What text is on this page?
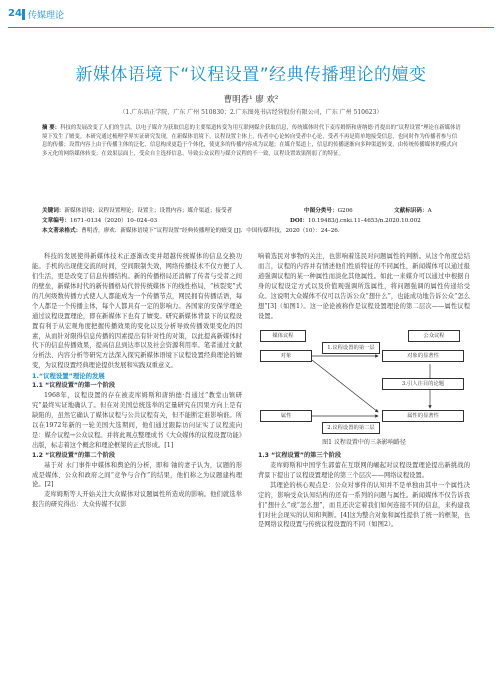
24 传媒理论
新媒体语境下“议程设置”经典传播理论的嬗变
曹明香¹ 廖 欢²
（1.广东培正学院，广东 广州 510830；2.广东图苑书店经营股份有限公司，广东 广州 510623）
摘 要：科技的发展改变了人们的生活，以电子媒介为获取信息的主要渠道转变为用互联网媒介获取信息，传统媒体时代下麦库姆斯和唐纳德·肖提出的“议程设置”理论在新媒体语境下发生了嬗变。本研究通过梳理学界实证研究发现，在新媒体语境下，议程设置主体上，传者中心论转向受者中心论，受者不再是简单地接受信息，也同时作为传播者参与信息的传播；设置内容上由于传播主体的泛化，信息构成更趋于个体化，使更多的传播内容成为议题；在媒介渠道上，信息的传播逐渐向多种渠道转变，由传统传播媒体的模式向多元化的网络媒体转变；在效果层面上，受众自主选择信息，导致公众议程与媒介议程的不一致，议程设置效果削弱了的特征。
关键词：新媒体语境；议程设置理论；设置主；设置内容；媒介渠道；接受者	中图分类号：G206	文献标识码：A
文章编号：1671–0134（2020）10–024–03	DOI：10.19483/j.cnki.11–4653/n.2020.10.002
本文著录格式：曹明香，廖欢．新媒体语境下“议程设置”经典传播理论的嬗变 [J]．中国传媒科技，2020（10）：24–26.

科技的发展使得新媒体技术正逐渐改变并超越传统媒体的信息交换功能。手机的出现使交流的时间，空间限制失效，网络传播技术不仅方便了人们生活，更是改变了信息传播结构。新的传播格局还消解了传者与受者之间的壁垒，新媒体时代的新传播格局代替传统媒体下的线性格局，“核裂变”式的几何级数传播方式使人人都能成为一个传播节点，网民拥有传播话语，每个人都是一个传播主体，每个人都具有一定的影响力。各国家的安保学理论通过议程设置理论，即在新媒体下也有了嬗变。研究新媒体背景下的议程设置有利于从宏观角度把握传播效果的变化以及分析导致传播效果变化的因素，从而针对限得信息传播的因素提出有针对性的对策，以此提高新媒体时代下的信息传播效果，提高信息到达率以及社会资源利用率。笔者通过文献分析法、内容分析等研究方法深入探究新媒体语境下议程设置经典理论的嬗变，为议程设置经典理论提供发展和实践双重意义。

1.“议程设置”理论的发展

1.1 “议程设置”的第一个阶段

1968年，议程设置的存在被麦库姆斯和唐纳德·肖通过“教堂山镇研究”最终实证地确认了。但在对美国总统选举的定量研究在因果方向上是有缺陷的，虽然它确认了媒体议程与公共议程有关，但不能断定谁影响谁。所以在1972年新的一轮美国大选期间，他们通过跟踪访问证实了议程流向是：媒介议程→公众议程。并将此观点整理成书《大众媒体的议程设置功能》出版，标志着这个概念和理论框架的正式形成。[1]

1.2 “议程设置”的第二个阶段

基于对 水门事件中媒体和舆论的分析，即和 铀的妻子认为，议题的形成是媒体、公众和政府之间“竞争与合作”的结果，他们称之为议题建构理论。[2]

麦库姆斯等人开始关注大众媒体对议题属性所造成的影响。他们就选举报告的研究得出：大众传媒不仅影

响着选民对事物的关注，也影响着选民对问题属性的判断。从这个角度总结而言，议程的内容并有情述他们性质特征的不同属性，新闻媒体可以通过报道强调议程的某一种属性而淡化其他属性。如此一来媒介可以通过中根据自身的议程设定方式以及价值观强调所选属性，将问题强调的属性传递给受众。这说明大众媒体不仅可以告诉公众“想什么”，也能成功地告诉公众“怎么想”[3]（如图1）。这一论论被称作是议程设置理论的第二层次——属性议程设置。

媒体议程	公众议程
对象
1.议程设置的第一层
对象的显著性
3.引人注目的论题
属性
2.议程设置的第二层
属性的显著性

图1 议程设置中的三条影响路径

1.3 “议程设置”的第三个阶段

麦库姆斯和中国学生郭蕾在互联网的崛起对议程设置理论提出新挑战的背景下提出了议程设置理论的第三个层次——网络议程设置。

其理论的核心观点是：公众对事件的认知并不是单独由其中一个属性决定的，影响受众认知结构的还有一系列的问题与属性。新闻媒体不仅告诉我们“想什么”或“怎么想”，而且还决定着我们如何连接不同的信息，来构建我们对社会现实的认知和判断。[4]这为整合对象和属性提供了统一的框架，也是网络议程设置与传统议程设置的不同（如图2）。
